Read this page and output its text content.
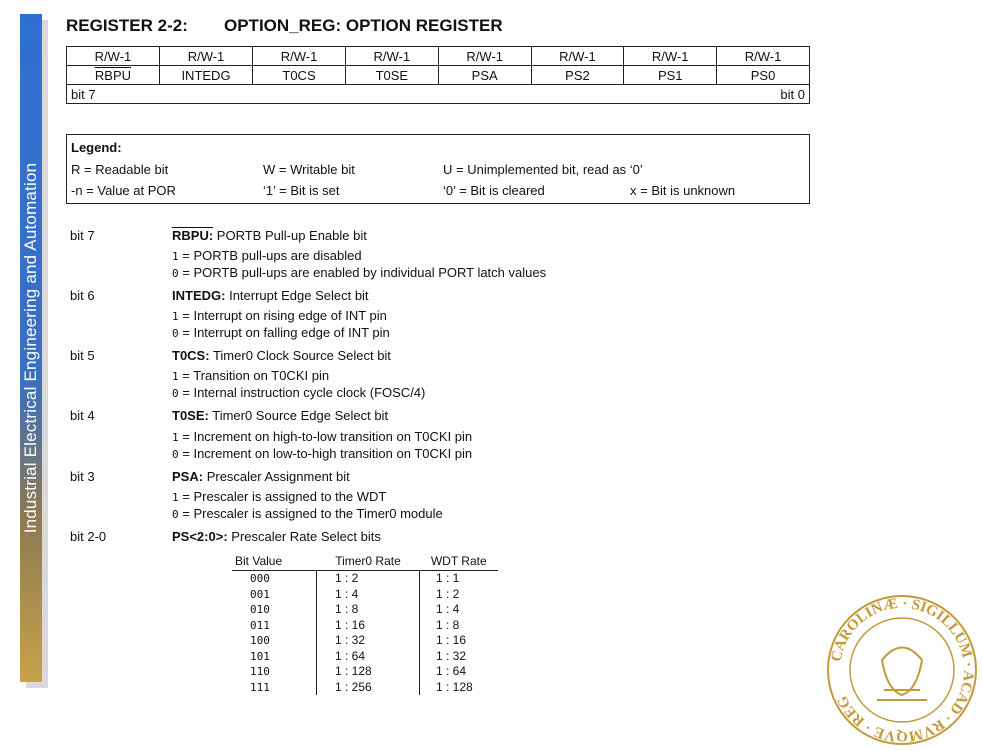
Industrial Electrical Engineering and Automation
REGISTER 2-2: OPTION_REG: OPTION REGISTER
R/W-1	R/W-1	R/W-1	R/W-1	R/W-1	R/W-1	R/W-1	R/W-1
RBPU	INTEDG	T0CS	T0SE	PSA	PS2	PS1	PS0
bit 7				bit 0			
Legend:
R = Readable bit	W = Writable bit	U = Unimplemented bit, read as ‘0’
-n = Value at POR	‘1’ = Bit is set	‘0’ = Bit is cleared	x = Bit is unknown
bit 7	RBPU: PORTB Pull-up Enable bit
1 = PORTB pull-ups are disabled
0 = PORTB pull-ups are enabled by individual PORT latch values
bit 6	INTEDG: Interrupt Edge Select bit
1 = Interrupt on rising edge of INT pin
0 = Interrupt on falling edge of INT pin
bit 5	T0CS: Timer0 Clock Source Select bit
1 = Transition on T0CKI pin
0 = Internal instruction cycle clock (FOSC/4)
bit 4	T0SE: Timer0 Source Edge Select bit
1 = Increment on high-to-low transition on T0CKI pin
0 = Increment on low-to-high transition on T0CKI pin
bit 3	PSA: Prescaler Assignment bit
1 = Prescaler is assigned to the WDT
0 = Prescaler is assigned to the Timer0 module
bit 2-0	PS<2:0>: Prescaler Rate Select bits
Bit Value	Timer0 Rate	WDT Rate
000	1 : 2	1 : 1
001	1 : 4	1 : 2
010	1 : 8	1 : 4
011	1 : 16	1 : 8
100	1 : 32	1 : 16
101	1 : 64	1 : 32
110	1 : 128	1 : 64
111	1 : 256	1 : 128
CAROLINÆ · SIGILLUM · ACAD · RVMQVE · REG
